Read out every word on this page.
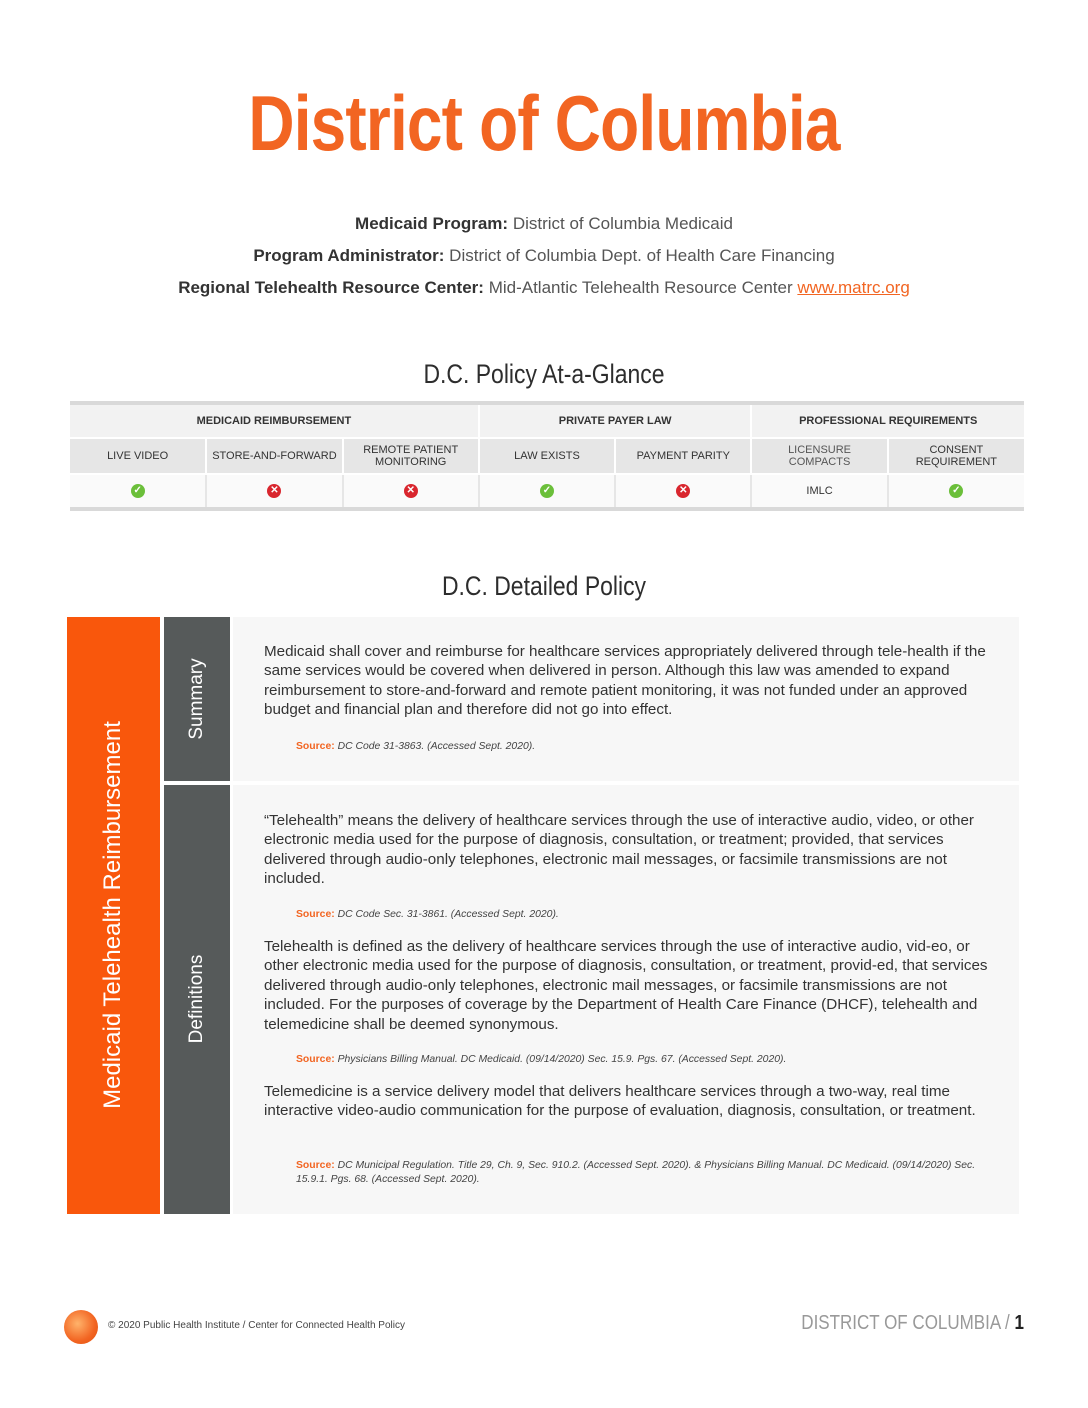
District of Columbia
Medicaid Program: District of Columbia Medicaid
Program Administrator: District of Columbia Dept. of Health Care Financing
Regional Telehealth Resource Center: Mid-Atlantic Telehealth Resource Center www.matrc.org
D.C. Policy At-a-Glance
MEDICAID REIMBURSEMENT			PRIVATE PAYER LAW		PROFESSIONAL REQUIREMENTS	
LIVE VIDEO	STORE-AND-FORWARD	REMOTE PATIENT MONITORING	LAW EXISTS	PAYMENT PARITY	LICENSURE COMPACTS	CONSENT REQUIREMENT
✓	✕	✕	✓	✕	IMLC	✓
D.C. Detailed Policy
Medicaid Telehealth Reimbursement
Summary
Definitions

Medicaid shall cover and reimburse for healthcare services appropriately delivered through tele-health if the same services would be covered when delivered in person. Although this law was amended to expand reimbursement to store-and-forward and remote patient monitoring, it was not funded under an approved budget and financial plan and therefore did not go into effect.

Source: DC Code 31-3863. (Accessed Sept. 2020).

“Telehealth” means the delivery of healthcare services through the use of interactive audio, video, or other electronic media used for the purpose of diagnosis, consultation, or treatment; provided, that services delivered through audio-only telephones, electronic mail messages, or facsimile transmissions are not included.

Source: DC Code Sec. 31-3861. (Accessed Sept. 2020).

Telehealth is defined as the delivery of healthcare services through the use of interactive audio, vid-eo, or other electronic media used for the purpose of diagnosis, consultation, or treatment, provid-ed, that services delivered through audio-only telephones, electronic mail messages, or facsimile transmissions are not included. For the purposes of coverage by the Department of Health Care Finance (DHCF), telehealth and telemedicine shall be deemed synonymous.

Source: Physicians Billing Manual. DC Medicaid. (09/14/2020) Sec. 15.9. Pgs. 67. (Accessed Sept. 2020).

Telemedicine is a service delivery model that delivers healthcare services through a two-way, real time interactive video-audio communication for the purpose of evaluation, diagnosis, consultation, or treatment.

Source: DC Municipal Regulation. Title 29, Ch. 9, Sec. 910.2. (Accessed Sept. 2020). & Physicians Billing Manual. DC Medicaid. (09/14/2020) Sec. 15.9.1. Pgs. 68. (Accessed Sept. 2020).
© 2020 Public Health Institute / Center for Connected Health Policy	DISTRICT OF COLUMBIA / 1
